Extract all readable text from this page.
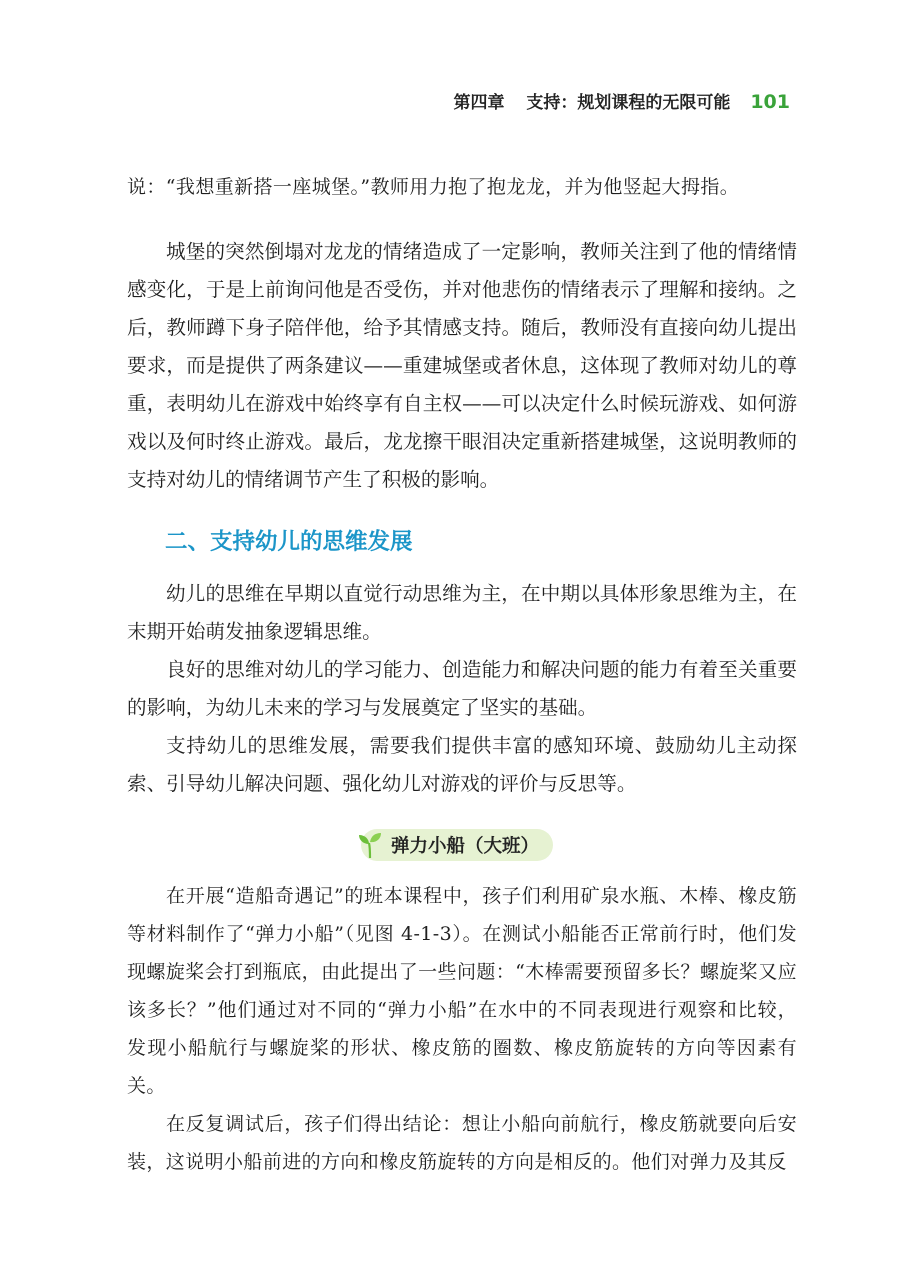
第四章 支持：规划课程的无限可能 101

说：“我想重新搭一座城堡。”教师用力抱了抱龙龙，并为他竖起大拇指。

城堡的突然倒塌对龙龙的情绪造成了一定影响，教师关注到了他的情绪情感变化，于是上前询问他是否受伤，并对他悲伤的情绪表示了理解和接纳。之后，教师蹲下身子陪伴他，给予其情感支持。随后，教师没有直接向幼儿提出要求，而是提供了两条建议——重建城堡或者休息，这体现了教师对幼儿的尊重，表明幼儿在游戏中始终享有自主权——可以决定什么时候玩游戏、如何游戏以及何时终止游戏。最后，龙龙擦干眼泪决定重新搭建城堡，这说明教师的支持对幼儿的情绪调节产生了积极的影响。

二、支持幼儿的思维发展

幼儿的思维在早期以直觉行动思维为主，在中期以具体形象思维为主，在末期开始萌发抽象逻辑思维。

良好的思维对幼儿的学习能力、创造能力和解决问题的能力有着至关重要的影响，为幼儿未来的学习与发展奠定了坚实的基础。

支持幼儿的思维发展，需要我们提供丰富的感知环境、鼓励幼儿主动探索、引导幼儿解决问题、强化幼儿对游戏的评价与反思等。

弹力小船（大班）

在开展“造船奇遇记”的班本课程中，孩子们利用矿泉水瓶、木棒、橡皮筋等材料制作了“弹力小船”（见图 4-1-3）。在测试小船能否正常前行时，他们发现螺旋桨会打到瓶底，由此提出了一些问题：“木棒需要预留多长？螺旋桨又应该多长？”他们通过对不同的“弹力小船”在水中的不同表现进行观察和比较，发现小船航行与螺旋桨的形状、橡皮筋的圈数、橡皮筋旋转的方向等因素有关。

在反复调试后，孩子们得出结论：想让小船向前航行，橡皮筋就要向后安装，这说明小船前进的方向和橡皮筋旋转的方向是相反的。他们对弹力及其反
